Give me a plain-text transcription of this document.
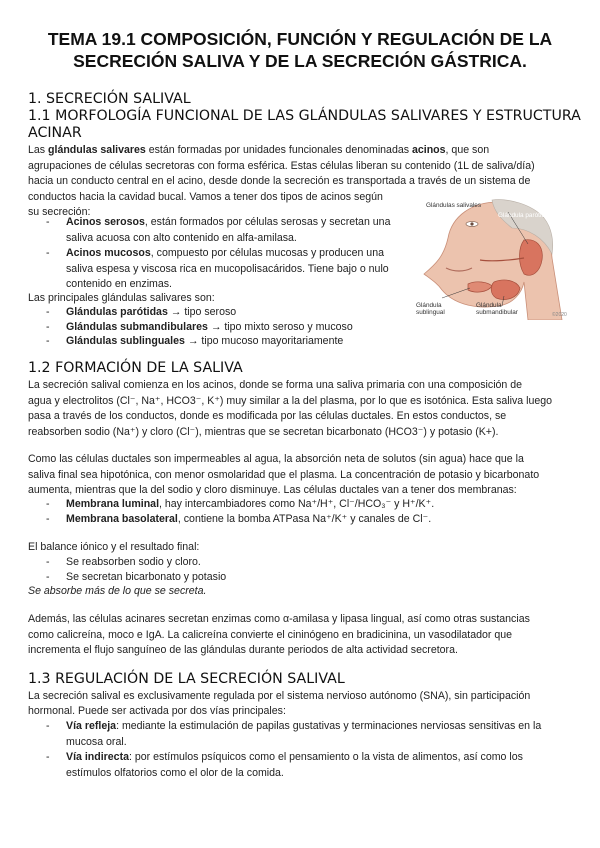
TEMA 19.1 COMPOSICIÓN, FUNCIÓN Y REGULACIÓN DE LA
SECRECIÓN SALIVA Y DE LA SECRECIÓN GÁSTRICA.
1. SECRECIÓN SALIVAL
1.1 MORFOLOGÍA FUNCIONAL DE LAS GLÁNDULAS SALIVARES Y ESTRUCTURA
ACINAR
Las glándulas salivares están formadas por unidades funcionales denominadas acinos, que son
agrupaciones de células secretoras con forma esférica. Estas células liberan su contenido (1L de saliva/día)
hacia un conducto central en el acino, desde donde la secreción es transportada a través de un sistema de
conductos hacia la cavidad bucal. Vamos a tener dos tipos de acinos según
su secreción:
- Acinos serosos, están formados por células serosas y secretan una
saliva acuosa con alto contenido en alfa-amilasa.
- Acinos mucosos, compuesto por células mucosas y producen una
saliva espesa y viscosa rica en mucopolisacáridos. Tiene bajo o nulo
contenido en enzimas.
Las principales glándulas salivares son:
- Glándulas parótidas → tipo seroso
- Glándulas submandibulares → tipo mixto seroso y mucoso
- Glándulas sublinguales → tipo mucoso mayoritariamente
Glándulas salivales
Glándula parótida
Glándula
sublingual
Glándula
submandibular	©2020
1.2 FORMACIÓN DE LA SALIVA
La secreción salival comienza en los acinos, donde se forma una saliva primaria con una composición de
agua y electrolitos (Cl⁻, Na⁺, HCO3⁻, K⁺) muy similar a la del plasma, por lo que es isotónica. Esta saliva luego
pasa a través de los conductos, donde es modificada por las células ductales. En estos conductos, se
reabsorben sodio (Na⁺) y cloro (Cl⁻), mientras que se secretan bicarbonato (HCO3⁻) y potasio (K+).
Como las células ductales son impermeables al agua, la absorción neta de solutos (sin agua) hace que la
saliva final sea hipotónica, con menor osmolaridad que el plasma. La concentración de potasio y bicarbonato
aumenta, mientras que la del sodio y cloro disminuye. Las células ductales van a tener dos membranas:
- Membrana luminal, hay intercambiadores como Na⁺/H⁺, Cl⁻/HCO₃⁻ y H⁺/K⁺.
- Membrana basolateral, contiene la bomba ATPasa Na⁺/K⁺ y canales de Cl⁻.
El balance iónico y el resultado final:
- Se reabsorben sodio y cloro.
- Se secretan bicarbonato y potasio
Se absorbe más de lo que se secreta.
Además, las células acinares secretan enzimas como α-amilasa y lipasa lingual, así como otras sustancias
como calicreína, moco e IgA. La calicreína convierte el cininógeno en bradicinina, un vasodilatador que
incrementa el flujo sanguíneo de las glándulas durante periodos de alta actividad secretora.
1.3 REGULACIÓN DE LA SECRECIÓN SALIVAL
La secreción salival es exclusivamente regulada por el sistema nervioso autónomo (SNA), sin participación
hormonal. Puede ser activada por dos vías principales:
- Vía refleja: mediante la estimulación de papilas gustativas y terminaciones nerviosas sensitivas en la
mucosa oral.
- Vía indirecta: por estímulos psíquicos como el pensamiento o la vista de alimentos, así como los
estímulos olfatorios como el olor de la comida.
